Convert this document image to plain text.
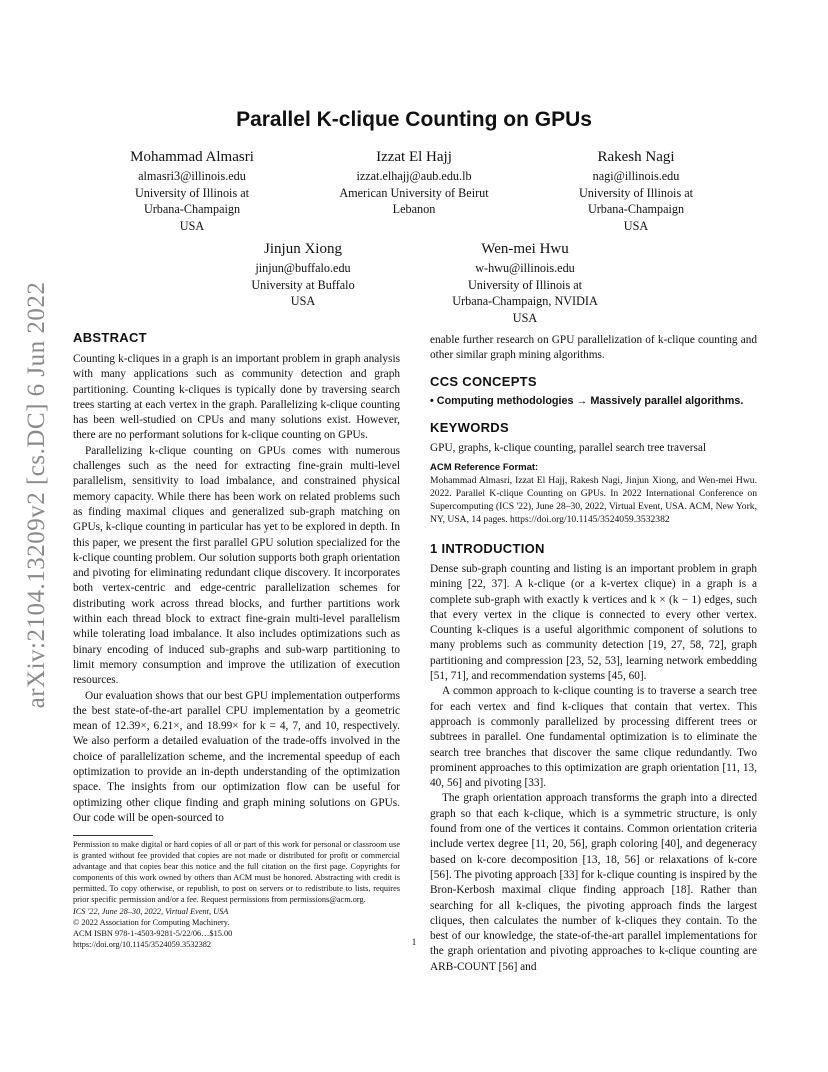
arXiv:2104.13209v2 [cs.DC] 6 Jun 2022
Parallel K-clique Counting on GPUs
Mohammad Almasri
almasri3@illinois.edu
University of Illinois at
Urbana-Champaign
USA
Izzat El Hajj
izzat.elhajj@aub.edu.lb
American University of Beirut
Lebanon
Rakesh Nagi
nagi@illinois.edu
University of Illinois at
Urbana-Champaign
USA
Jinjun Xiong
jinjun@buffalo.edu
University at Buffalo
USA
Wen-mei Hwu
w-hwu@illinois.edu
University of Illinois at
Urbana-Champaign, NVIDIA
USA
ABSTRACT

Counting k-cliques in a graph is an important problem in graph analysis with many applications such as community detection and graph partitioning. Counting k-cliques is typically done by traversing search trees starting at each vertex in the graph. Parallelizing k-clique counting has been well-studied on CPUs and many solutions exist. However, there are no performant solutions for k-clique counting on GPUs.

Parallelizing k-clique counting on GPUs comes with numerous challenges such as the need for extracting fine-grain multi-level parallelism, sensitivity to load imbalance, and constrained physical memory capacity. While there has been work on related problems such as finding maximal cliques and generalized sub-graph matching on GPUs, k-clique counting in particular has yet to be explored in depth. In this paper, we present the first parallel GPU solution specialized for the k-clique counting problem. Our solution supports both graph orientation and pivoting for eliminating redundant clique discovery. It incorporates both vertex-centric and edge-centric parallelization schemes for distributing work across thread blocks, and further partitions work within each thread block to extract fine-grain multi-level parallelism while tolerating load imbalance. It also includes optimizations such as binary encoding of induced sub-graphs and sub-warp partitioning to limit memory consumption and improve the utilization of execution resources.

Our evaluation shows that our best GPU implementation outperforms the best state-of-the-art parallel CPU implementation by a geometric mean of 12.39×, 6.21×, and 18.99× for k = 4, 7, and 10, respectively. We also perform a detailed evaluation of the trade-offs involved in the choice of parallelization scheme, and the incremental speedup of each optimization to provide an in-depth understanding of the optimization space. The insights from our optimization flow can be useful for optimizing other clique finding and graph mining solutions on GPUs. Our code will be open-sourced to

Permission to make digital or hard copies of all or part of this work for personal or classroom use is granted without fee provided that copies are not made or distributed for profit or commercial advantage and that copies bear this notice and the full citation on the first page. Copyrights for components of this work owned by others than ACM must be honored. Abstracting with credit is permitted. To copy otherwise, or republish, to post on servers or to redistribute to lists, requires prior specific permission and/or a fee. Request permissions from permissions@acm.org.

ICS '22, June 28–30, 2022, Virtual Event, USA

© 2022 Association for Computing Machinery.

ACM ISBN 978-1-4503-9281-5/22/06…$15.00

https://doi.org/10.1145/3524059.3532382

enable further research on GPU parallelization of k-clique counting and other similar graph mining algorithms.

CCS CONCEPTS
• Computing methodologies → Massively parallel algorithms.
KEYWORDS
GPU, graphs, k-clique counting, parallel search tree traversal
ACM Reference Format:
Mohammad Almasri, Izzat El Hajj, Rakesh Nagi, Jinjun Xiong, and Wen-mei Hwu. 2022. Parallel K-clique Counting on GPUs. In 2022 International Conference on Supercomputing (ICS '22), June 28–30, 2022, Virtual Event, USA. ACM, New York, NY, USA, 14 pages. https://doi.org/10.1145/3524059.3532382
1 INTRODUCTION

Dense sub-graph counting and listing is an important problem in graph mining [22, 37]. A k-clique (or a k-vertex clique) in a graph is a complete sub-graph with exactly k vertices and k × (k − 1) edges, such that every vertex in the clique is connected to every other vertex. Counting k-cliques is a useful algorithmic component of solutions to many problems such as community detection [19, 27, 58, 72], graph partitioning and compression [23, 52, 53], learning network embedding [51, 71], and recommendation systems [45, 60].

A common approach to k-clique counting is to traverse a search tree for each vertex and find k-cliques that contain that vertex. This approach is commonly parallelized by processing different trees or subtrees in parallel. One fundamental optimization is to eliminate the search tree branches that discover the same clique redundantly. Two prominent approaches to this optimization are graph orientation [11, 13, 40, 56] and pivoting [33].

The graph orientation approach transforms the graph into a directed graph so that each k-clique, which is a symmetric structure, is only found from one of the vertices it contains. Common orientation criteria include vertex degree [11, 20, 56], graph coloring [40], and degeneracy based on k-core decomposition [13, 18, 56] or relaxations of k-core [56]. The pivoting approach [33] for k-clique counting is inspired by the Bron-Kerbosh maximal clique finding approach [18]. Rather than searching for all k-cliques, the pivoting approach finds the largest cliques, then calculates the number of k-cliques they contain. To the best of our knowledge, the state-of-the-art parallel implementations for the graph orientation and pivoting approaches to k-clique counting are ARB-COUNT [56] and

1
